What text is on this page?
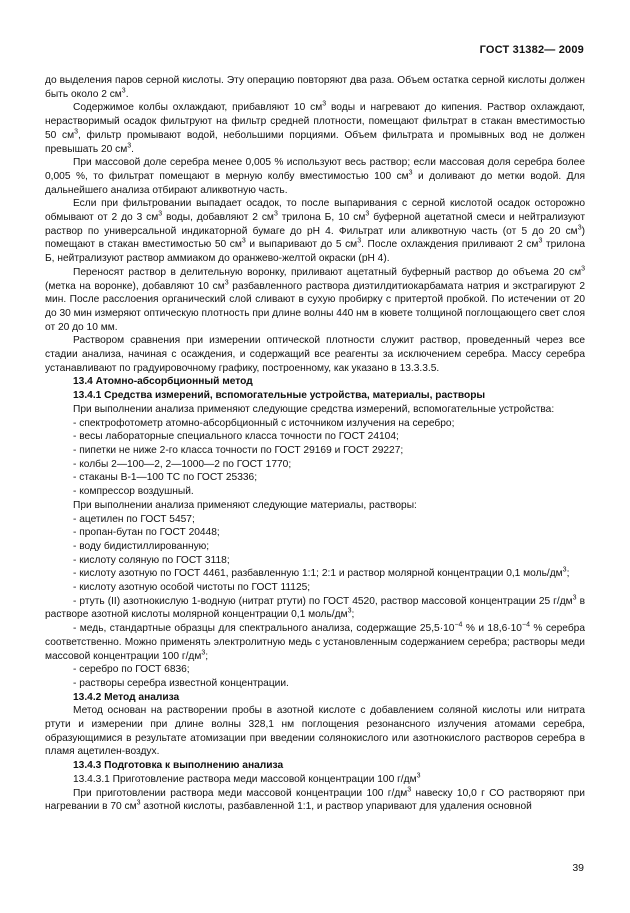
ГОСТ 31382— 2009

до выделения паров серной кислоты. Эту операцию повторяют два раза. Объем остатка серной кислоты должен быть около 2 $см^3$.

Содержимое колбы охлаждают, прибавляют 10 $см^3$ воды и нагревают до кипения. Раствор охлаждают, нерастворимый осадок фильтруют на фильтр средней плотности, помещают фильтрат в стакан вместимостью 50 $см^3$, фильтр промывают водой, небольшими порциями. Объем фильтрата и промывных вод не должен превышать 20 $см^3$.

При массовой доле серебра менее 0,005 % используют весь раствор; если массовая доля серебра более 0,005 %, то фильтрат помещают в мерную колбу вместимостью 100 $см^3$ и доливают до метки водой. Для дальнейшего анализа отбирают аликвотную часть.

Если при фильтровании выпадает осадок, то после выпаривания с серной кислотой осадок осторожно обмывают от 2 до 3 $см^3$ воды, добавляют 2 $см^3$ трилона Б, 10 $см^3$ буферной ацетатной смеси и нейтрализуют раствор по универсальной индикаторной бумаге до рН 4. Фильтрат или аликвотную часть (от 5 до 20 $см^3$) помещают в стакан вместимостью 50 $см^3$ и выпаривают до 5 $см^3$. После охлаждения приливают 2 $см^3$ трилона Б, нейтрализуют раствор аммиаком до оранжево-желтой окраски (рН 4).

Переносят раствор в делительную воронку, приливают ацетатный буферный раствор до объема 20 $см^3$ (метка на воронке), добавляют 10 $см^3$ разбавленного раствора диэтилдитиокарбамата натрия и экстрагируют 2 мин. После расслоения органический слой сливают в сухую пробирку с притертой пробкой. По истечении от 20 до 30 мин измеряют оптическую плотность при длине волны 440 нм в кювете толщиной поглощающего свет слоя от 20 до 10 мм.

Раствором сравнения при измерении оптической плотности служит раствор, проведенный через все стадии анализа, начиная с осаждения, и содержащий все реагенты за исключением серебра. Массу серебра устанавливают по градуировочному графику, построенному, как указано в 13.3.3.5.

13.4 Атомно-абсорбционный метод

13.4.1 Средства измерений, вспомогательные устройства, материалы, растворы

При выполнении анализа применяют следующие средства измерений, вспомогательные устройства:

- спектрофотометр атомно-абсорбционный с источником излучения на серебро;

- весы лабораторные специального класса точности по ГОСТ 24104;

- пипетки не ниже 2-го класса точности по ГОСТ 29169 и ГОСТ 29227;

- колбы 2—100—2, 2—1000—2 по ГОСТ 1770;

- стаканы В-1—100 ТС по ГОСТ 25336;

- компрессор воздушный.

При выполнении анализа применяют следующие материалы, растворы:

- ацетилен по ГОСТ 5457;

- пропан-бутан по ГОСТ 20448;

- воду бидистиллированную;

- кислоту соляную по ГОСТ 3118;

- кислоту азотную по ГОСТ 4461, разбавленную 1:1; 2:1 и раствор молярной концентрации 0,1 моль/$дм^3$;

- кислоту азотную особой чистоты по ГОСТ 11125;

- ртуть (II) азотнокислую 1-водную (нитрат ртути) по ГОСТ 4520, раствор массовой концентрации 25 $г/дм^3$ в растворе азотной кислоты молярной концентрации 0,1 моль/$дм^3$;

- медь, стандартные образцы для спектрального анализа, содержащие $25,5\cdot 10^{-4}$ % и $18,6\cdot 10^{-4}$ % серебра соответственно. Можно применять электролитную медь с установленным содержанием серебра; растворы меди массовой концентрации 100 $г/дм^3$;

- серебро по ГОСТ 6836;

- растворы серебра известной концентрации.

13.4.2 Метод анализа

Метод основан на растворении пробы в азотной кислоте с добавлением соляной кислоты или нитрата ртути и измерении при длине волны 328,1 нм поглощения резонансного излучения атомами серебра, образующимися в результате атомизации при введении солянокислого или азотнокислого растворов серебра в пламя ацетилен-воздух.

13.4.3 Подготовка к выполнению анализа

13.4.3.1 Приготовление раствора меди массовой концентрации 100 $г/дм^3$

При приготовлении раствора меди массовой концентрации 100 $г/дм^3$ навеску 10,0 г СО растворяют при нагревании в 70 $см^3$ азотной кислоты, разбавленной 1:1, и раствор упаривают для удаления основной

39
